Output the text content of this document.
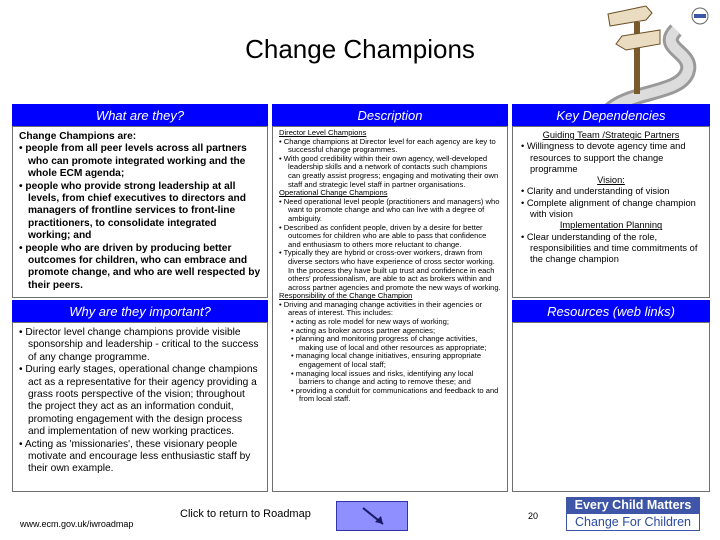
Change Champions
What are they?

Change Champions are:

• people from all peer levels across all partners who can promote integrated working and the whole ECM agenda;

• people who provide strong leadership at all levels, from chief executives to directors and managers of frontline services to front-line practitioners, to consolidate integrated working; and

• people who are driven by producing better outcomes for children, who can embrace and promote change, and who are well respected by their peers.

Why are they important?

• Director level change champions provide visible sponsorship and leadership - critical to the success of any change programme.

• During early stages, operational change champions act as a representative for their agency providing a grass roots perspective of the vision; throughout the project they act as an information conduit, promoting engagement with the design process and implementation of new working practices.

• Acting as 'missionaries', these visionary people motivate and encourage less enthusiastic staff by their own example.

Description

Director Level Champions

• Change champions at Director level for each agency are key to successful change programmes.

• With good credibility within their own agency, well-developed leadership skills and a network of contacts such champions can greatly assist progress; engaging and motivating their own staff and strategic level staff in partner organisations.

Operational Change Champions

• Need operational level people (practitioners and managers) who want to promote change and who can live with a degree of ambiguity.

• Described as confident people, driven by a desire for better outcomes for children who are able to pass that confidence and enthusiasm to others more reluctant to change.

• Typically they are hybrid or cross-over workers, drawn from diverse sectors who have experience of cross sector working. In the process they have built up trust and confidence in each others' professionalism, are able to act as brokers within and across partner agencies and promote the new ways of working.

Responsibility of the Change Champion

• Driving and managing change activities in their agencies or areas of interest. This includes:

• acting as role model for new ways of working;

• acting as broker across partner agencies;

• planning and monitoring progress of change activities, making use of local and other resources as appropriate;

• managing local change initiatives, ensuring appropriate engagement of local staff;

• managing local issues and risks, identifying any local barriers to change and acting to remove these; and

• providing a conduit for communications and feedback to and from local staff.

Key Dependencies

Guiding Team /Strategic Partners

• Willingness to devote agency time and resources to support the change programme

Vision:

• Clarity and understanding of vision

• Complete alignment of change champion with vision

Implementation Planning

• Clear understanding of the role, responsibilities and time commitments of the change champion

Resources (web links)
www.ecm.gov.uk/iwroadmap
Click to return to Roadmap	20
Every Child Matters
Change For Children
